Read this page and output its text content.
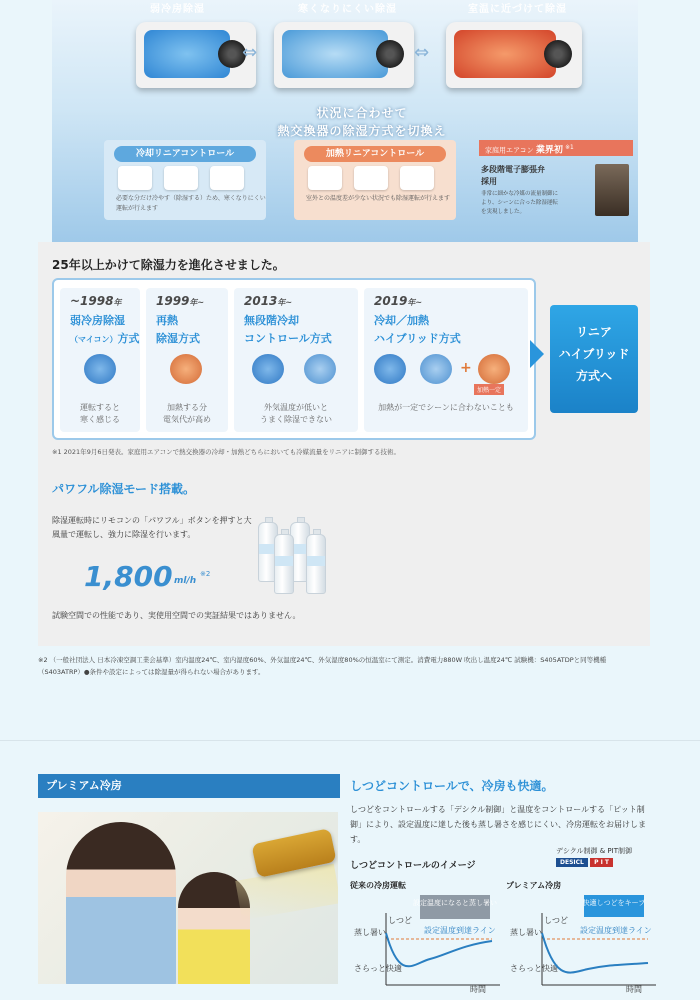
弱冷房除湿	寒くなりにくい除湿	室温に近づけて除湿
⇔	⇔
状況に合わせて
熱交換器の除湿方式を切換え
冷却リニアコントロール
必要な分だけ冷やす（除湿する）ため、寒くなりにくい運転が行えます
加熱リニアコントロール
室外との温度差が少ない状況でも除湿運転が行えます
家庭用エアコン 業界初 $^{※1}$
多段階電子膨張弁
採用
非常に細かな冷媒の流量制御により、シーンに合った除湿運転を実現しました。
25年以上かけて除湿力を進化させました。
~1998年
弱冷房除湿
（マイコン）方式
運転すると
寒く感じる
1999年~
再熱
除湿方式
加熱する分
電気代が高め
2013年~
無段階冷却
コントロール方式
外気温度が低いと
うまく除湿できない
2019年~
冷却／加熱
ハイブリッド方式
+
加熱一定
加熱が一定でシーンに合わないことも
リニア
ハイブリッド
方式へ
※1 2021年9月6日発表。家庭用エアコンで熱交換器の冷却・加熱どちらにおいても冷媒流量をリニアに制御する技術。
パワフル除湿モード搭載。
除湿運転時にリモコンの「パワフル」ボタンを押すと大風量で運転し、強力に除湿を行います。
1,800 ml/h
※2
試験空間での性能であり、実使用空間での実証結果ではありません。
※2 （一般社団法人 日本冷凍空調工業会基準）室内温度24℃、室内湿度60%、外気温度24℃、外気湿度80%の恒温室にて測定。消費電力880W 吹出し温度24℃ 試験機：S405ATDPと同等機種（S403ATRP）●条件や設定によっては除湿量が得られない場合があります。
プレミアム冷房	しつどコントロールで、冷房も快適。
しつどをコントロールする「デシクル制御」と温度をコントロールする「ピット制御」により、設定温度に達した後も蒸し暑さを感じにくい、冷房運転をお届けします。
しつどコントロールのイメージ
デシクル制御 & PIT制御
DESICL P I T
従来の冷房運転	プレミアム冷房
蒸し暑い
さらっと快適
しつど
設定温度になると蒸し暑い
設定温度到達ライン
時間
蒸し暑い
さらっと快適
しつど
快適しつどをキープ
設定温度到達ライン
時間
